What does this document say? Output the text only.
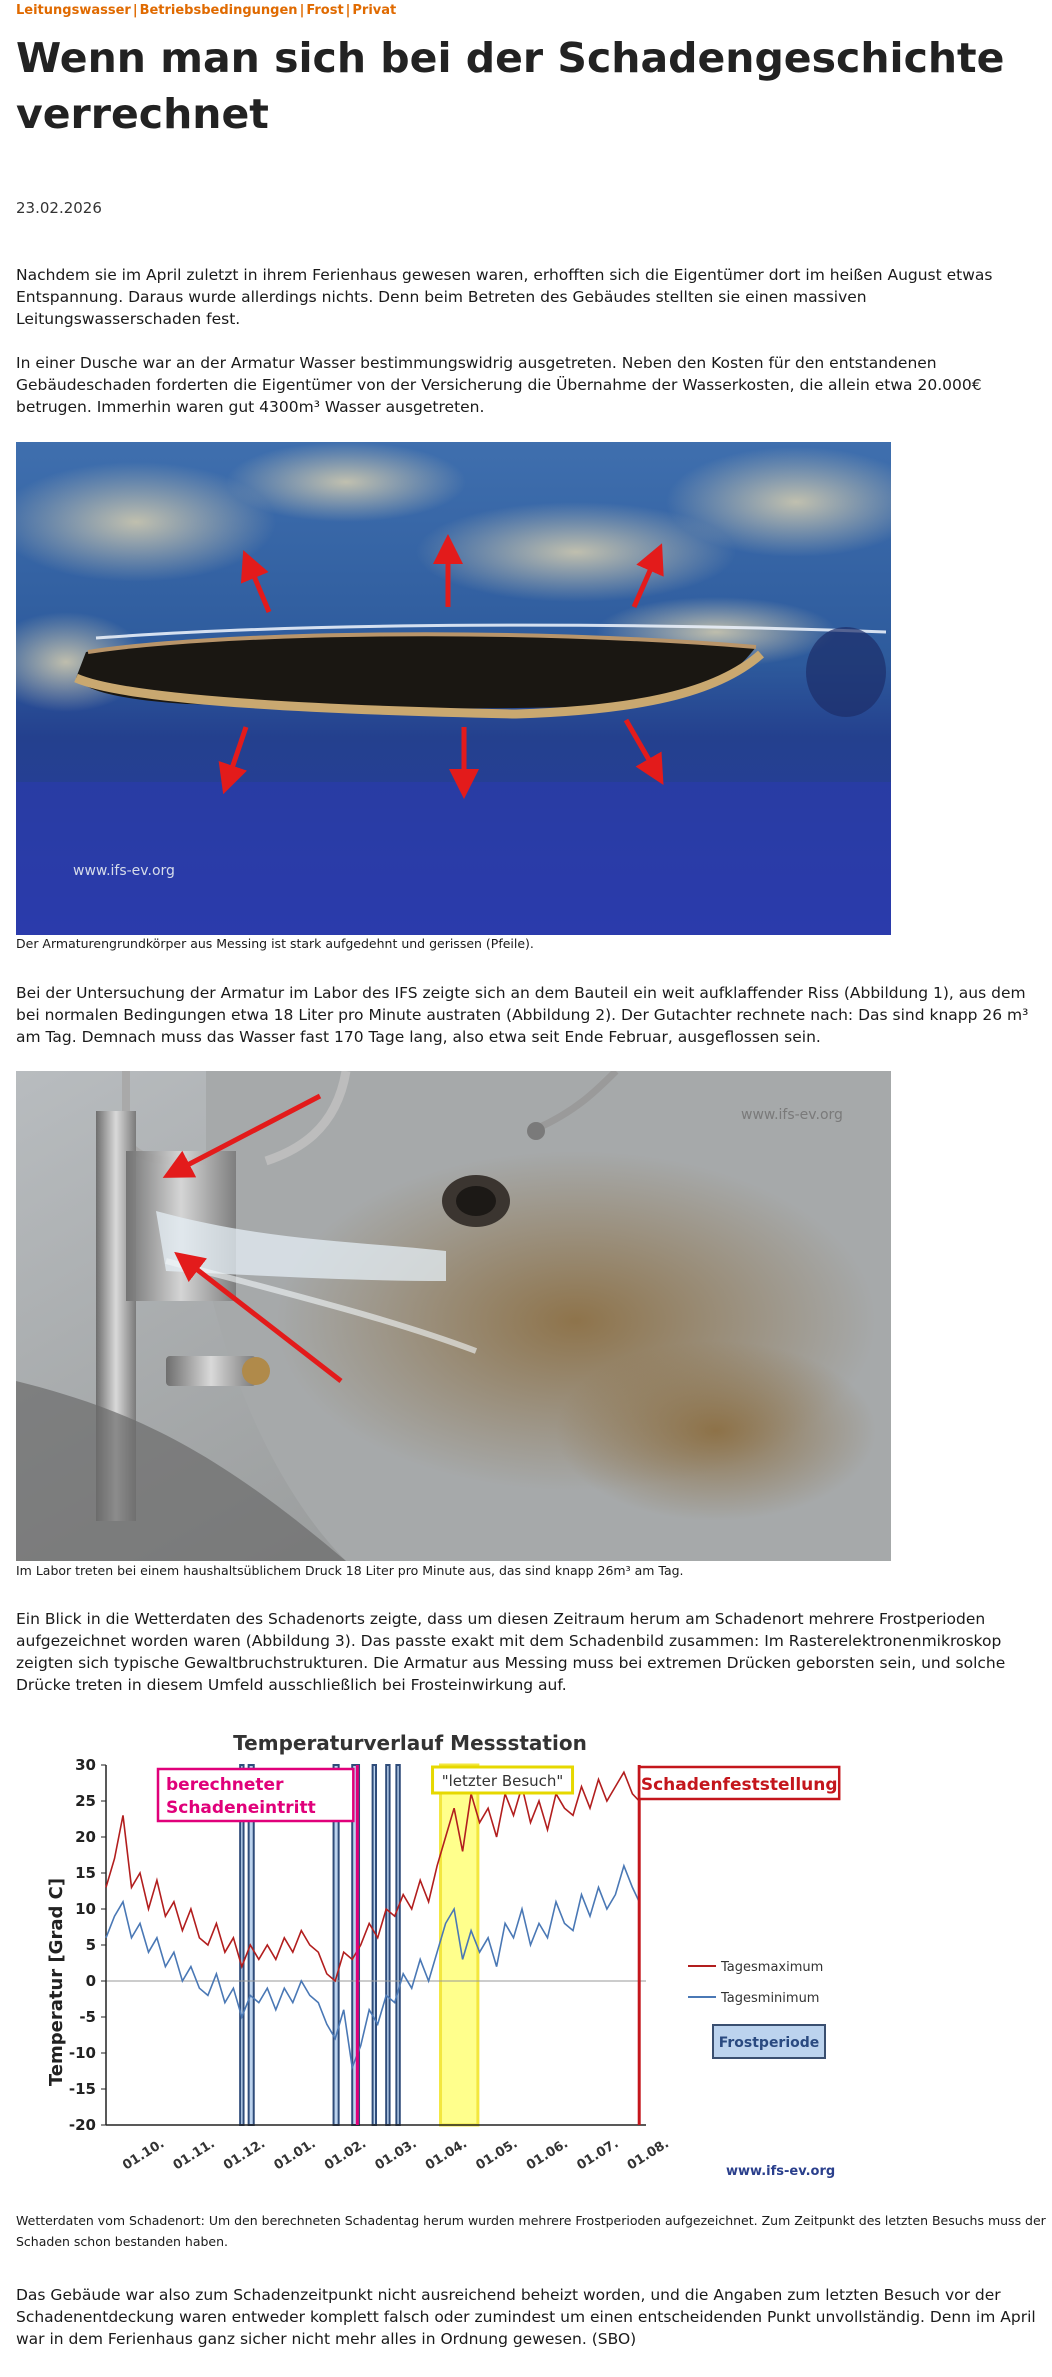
Leitungswasser | Betriebsbedingungen | Frost | Privat
Wenn man sich bei der Schadengeschichte verrechnet
23.02.2026

Nachdem sie im April zuletzt in ihrem Ferienhaus gewesen waren, erhofften sich die Eigentümer dort im heißen August etwas Entspannung. Daraus wurde allerdings nichts. Denn beim Betreten des Gebäudes stellten sie einen massiven Leitungswasserschaden fest.

In einer Dusche war an der Armatur Wasser bestimmungswidrig ausgetreten. Neben den Kosten für den entstandenen Gebäudeschaden forderten die Eigentümer von der Versicherung die Übernahme der Wasserkosten, die allein etwa 20.000€ betrugen. Immerhin waren gut 4300m³ Wasser ausgetreten.

www.ifs-ev.org

Der Armaturengrundkörper aus Messing ist stark aufgedehnt und gerissen (Pfeile).

Bei der Untersuchung der Armatur im Labor des IFS zeigte sich an dem Bauteil ein weit aufklaffender Riss (Abbildung 1), aus dem bei normalen Bedingungen etwa 18 Liter pro Minute austraten (Abbildung 2). Der Gutachter rechnete nach: Das sind knapp 26 m³ am Tag. Demnach muss das Wasser fast 170 Tage lang, also etwa seit Ende Februar, ausgeflossen sein.

www.ifs-ev.org

Im Labor treten bei einem haushaltsüblichem Druck 18 Liter pro Minute aus, das sind knapp 26m³ am Tag.

Ein Blick in die Wetterdaten des Schadenorts zeigte, dass um diesen Zeitraum herum am Schadenort mehrere Frostperioden aufgezeichnet worden waren (Abbildung 3). Das passte exakt mit dem Schadenbild zusammen: Im Rasterelektronenmikroskop zeigten sich typische Gewaltbruchstrukturen. Die Armatur aus Messing muss bei extremen Drücken geborsten sein, und solche Drücke treten in diesem Umfeld ausschließlich bei Frosteinwirkung auf.

Temperaturverlauf Messstation
Temperatur [Grad C]
30
25
20
15
10
5
0
-5
-10
-15
-20
01.10. 01.11. 01.12. 01.01. 01.02. 01.03. 01.04. 01.05. 01.06. 01.07. 01.08.
berechneter
Schadeneintritt
"letzter Besuch"	Schadenfeststellung
Tagesmaximum
Tagesminimum
Frostperiode
www.ifs-ev.org

Wetterdaten vom Schadenort: Um den berechneten Schadentag herum wurden mehrere Frostperioden aufgezeichnet. Zum Zeitpunkt des letzten Besuchs muss der Schaden schon bestanden haben.

Das Gebäude war also zum Schadenzeitpunkt nicht ausreichend beheizt worden, und die Angaben zum letzten Besuch vor der Schadenentdeckung waren entweder komplett falsch oder zumindest um einen entscheidenden Punkt unvollständig. Denn im April war in dem Ferienhaus ganz sicher nicht mehr alles in Ordnung gewesen. (SBO)
